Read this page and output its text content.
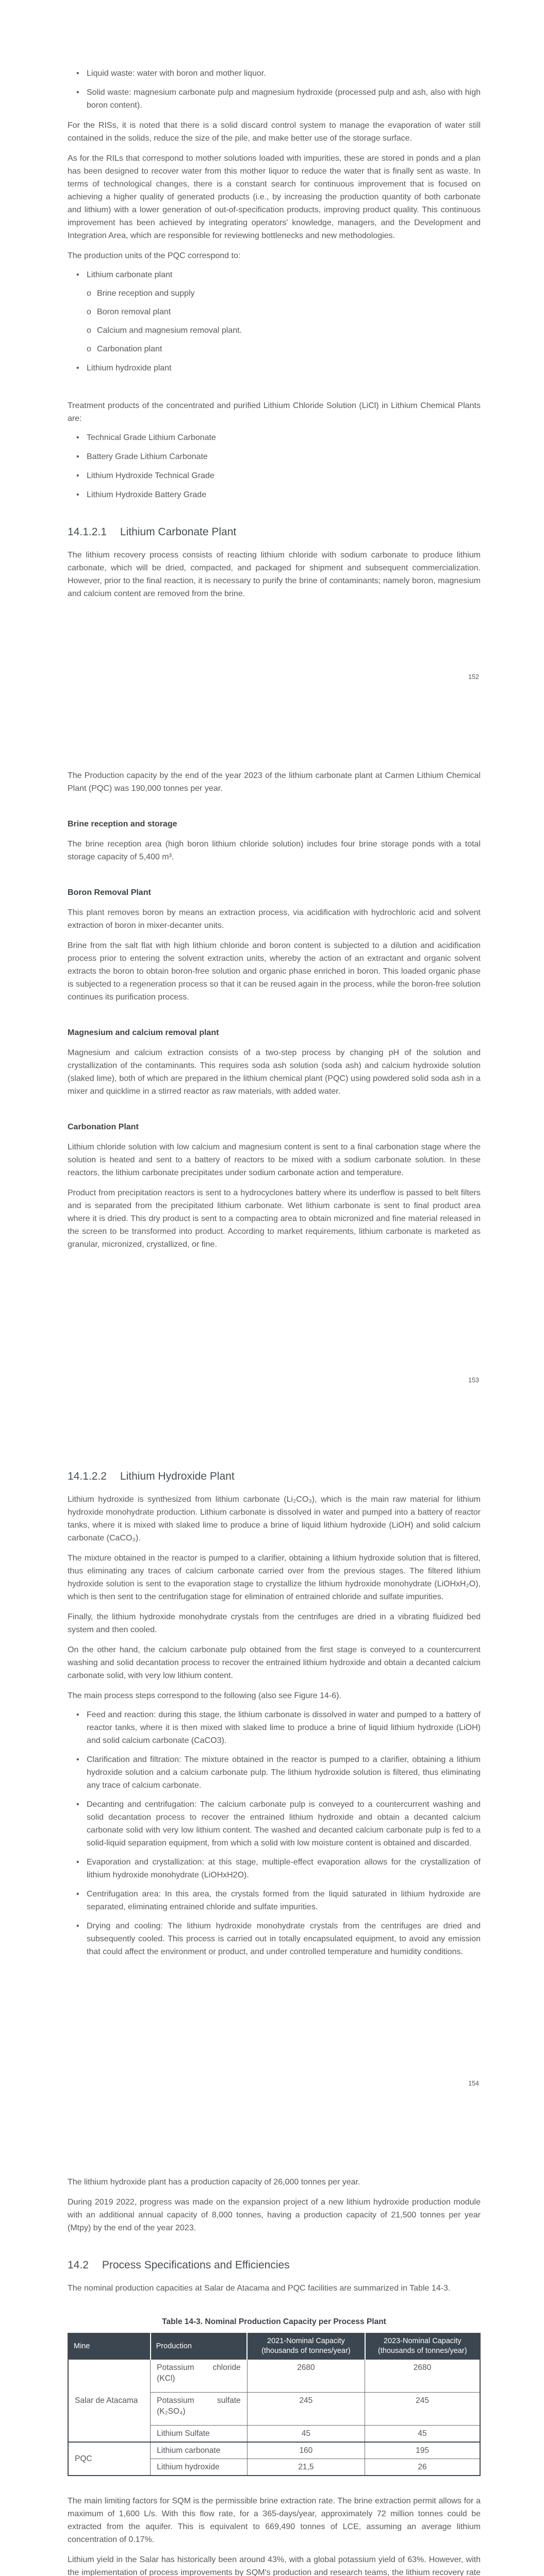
• Liquid waste: water with boron and mother liquor.
• Solid waste: magnesium carbonate pulp and magnesium hydroxide (processed pulp and ash, also with high boron content).

For the RISs, it is noted that there is a solid discard control system to manage the evaporation of water still contained in the solids, reduce the size of the pile, and make better use of the storage surface.

As for the RILs that correspond to mother solutions loaded with impurities, these are stored in ponds and a plan has been designed to recover water from this mother liquor to reduce the water that is finally sent as waste. In terms of technological changes, there is a constant search for continuous improvement that is focused on achieving a higher quality of generated products (i.e., by increasing the production quantity of both carbonate and lithium) with a lower generation of out-of-specification products, improving product quality. This continuous improvement has been achieved by integrating operators' knowledge, managers, and the Development and Integration Area, which are responsible for reviewing bottlenecks and new methodologies.

The production units of the PQC correspond to:

• Lithium carbonate plant
o Brine reception and supply
o Boron removal plant
o Calcium and magnesium removal plant.
o Carbonation plant
• Lithium hydroxide plant

Treatment products of the concentrated and purified Lithium Chloride Solution (LiCl) in Lithium Chemical Plants are:

• Technical Grade Lithium Carbonate
• Battery Grade Lithium Carbonate
• Lithium Hydroxide Technical Grade
• Lithium Hydroxide Battery Grade
14.1.2.1 Lithium Carbonate Plant

The lithium recovery process consists of reacting lithium chloride with sodium carbonate to produce lithium carbonate, which will be dried, compacted, and packaged for shipment and subsequent commercialization. However, prior to the final reaction, it is necessary to purify the brine of contaminants; namely boron, magnesium and calcium content are removed from the brine.

152

The Production capacity by the end of the year 2023 of the lithium carbonate plant at Carmen Lithium Chemical Plant (PQC) was 190,000 tonnes per year.

Brine reception and storage

The brine reception area (high boron lithium chloride solution) includes four brine storage ponds with a total storage capacity of 5,400 m³.

Boron Removal Plant

This plant removes boron by means an extraction process, via acidification with hydrochloric acid and solvent extraction of boron in mixer-decanter units.

Brine from the salt flat with high lithium chloride and boron content is subjected to a dilution and acidification process prior to entering the solvent extraction units, whereby the action of an extractant and organic solvent extracts the boron to obtain boron-free solution and organic phase enriched in boron. This loaded organic phase is subjected to a regeneration process so that it can be reused again in the process, while the boron-free solution continues its purification process.

Magnesium and calcium removal plant

Magnesium and calcium extraction consists of a two-step process by changing pH of the solution and crystallization of the contaminants. This requires soda ash solution (soda ash) and calcium hydroxide solution (slaked lime), both of which are prepared in the lithium chemical plant (PQC) using powdered solid soda ash in a mixer and quicklime in a stirred reactor as raw materials, with added water.

Carbonation Plant

Lithium chloride solution with low calcium and magnesium content is sent to a final carbonation stage where the solution is heated and sent to a battery of reactors to be mixed with a sodium carbonate solution. In these reactors, the lithium carbonate precipitates under sodium carbonate action and temperature.

Product from precipitation reactors is sent to a hydrocyclones battery where its underflow is passed to belt filters and is separated from the precipitated lithium carbonate. Wet lithium carbonate is sent to final product area where it is dried. This dry product is sent to a compacting area to obtain micronized and fine material released in the screen to be transformed into product. According to market requirements, lithium carbonate is marketed as granular, micronized, crystallized, or fine.

153
14.1.2.2 Lithium Hydroxide Plant

Lithium hydroxide is synthesized from lithium carbonate (Li₂CO₃), which is the main raw material for lithium hydroxide monohydrate production. Lithium carbonate is dissolved in water and pumped into a battery of reactor tanks, where it is mixed with slaked lime to produce a brine of liquid lithium hydroxide (LiOH) and solid calcium carbonate (CaCO₃).

The mixture obtained in the reactor is pumped to a clarifier, obtaining a lithium hydroxide solution that is filtered, thus eliminating any traces of calcium carbonate carried over from the previous stages. The filtered lithium hydroxide solution is sent to the evaporation stage to crystallize the lithium hydroxide monohydrate (LiOHxH₂O), which is then sent to the centrifugation stage for elimination of entrained chloride and sulfate impurities.

Finally, the lithium hydroxide monohydrate crystals from the centrifuges are dried in a vibrating fluidized bed system and then cooled.

On the other hand, the calcium carbonate pulp obtained from the first stage is conveyed to a countercurrent washing and solid decantation process to recover the entrained lithium hydroxide and obtain a decanted calcium carbonate solid, with very low lithium content.

The main process steps correspond to the following (also see Figure 14-6).

• Feed and reaction: during this stage, the lithium carbonate is dissolved in water and pumped to a battery of reactor tanks, where it is then mixed with slaked lime to produce a brine of liquid lithium hydroxide (LiOH) and solid calcium carbonate (CaCO3).
• Clarification and filtration: The mixture obtained in the reactor is pumped to a clarifier, obtaining a lithium hydroxide solution and a calcium carbonate pulp. The lithium hydroxide solution is filtered, thus eliminating any trace of calcium carbonate.
• Decanting and centrifugation: The calcium carbonate pulp is conveyed to a countercurrent washing and solid decantation process to recover the entrained lithium hydroxide and obtain a decanted calcium carbonate solid with very low lithium content. The washed and decanted calcium carbonate pulp is fed to a solid-liquid separation equipment, from which a solid with low moisture content is obtained and discarded.
• Evaporation and crystallization: at this stage, multiple-effect evaporation allows for the crystallization of lithium hydroxide monohydrate (LiOHxH2O).
• Centrifugation area: In this area, the crystals formed from the liquid saturated in lithium hydroxide are separated, eliminating entrained chloride and sulfate impurities.
• Drying and cooling: The lithium hydroxide monohydrate crystals from the centrifuges are dried and subsequently cooled. This process is carried out in totally encapsulated equipment, to avoid any emission that could affect the environment or product, and under controlled temperature and humidity conditions.
154

The lithium hydroxide plant has a production capacity of 26,000 tonnes per year.

During 2019 2022, progress was made on the expansion project of a new lithium hydroxide production module with an additional annual capacity of 8,000 tonnes, having a production capacity of 21,500 tonnes per year (Mtpy) by the end of the year 2023.

14.2 Process Specifications and Efficiencies

The nominal production capacities at Salar de Atacama and PQC facilities are summarized in Table 14-3.

Table 14-3. Nominal Production Capacity per Process Plant
Mine	Production	2021-Nominal Capacity (thousands of tonnes/year)	2023-Nominal Capacity (thousands of tonnes/year)
Salar de Atacama	Potassium chloride (KCl)	2680	2680
	Potassium sulfate (K₂SO₄)	245	245
	Lithium Sulfate	45	45
PQC	Lithium carbonate	160	195
	Lithium hydroxide	21,5	26

The main limiting factors for SQM is the permissible brine extraction rate. The brine extraction permit allows for a maximum of 1,600 L/s. With this flow rate, for a 365-days/year, approximately 72 million tonnes could be extracted from the aquifer. This is equivalent to 669,490 tonnes of LCE, assuming an average lithium concentration of 0.17%.

Lithium yield in the Salar has historically been around 43%, with a global potassium yield of 63%. However, with the implementation of process improvements by SQM's production and research teams, the lithium recovery rate
